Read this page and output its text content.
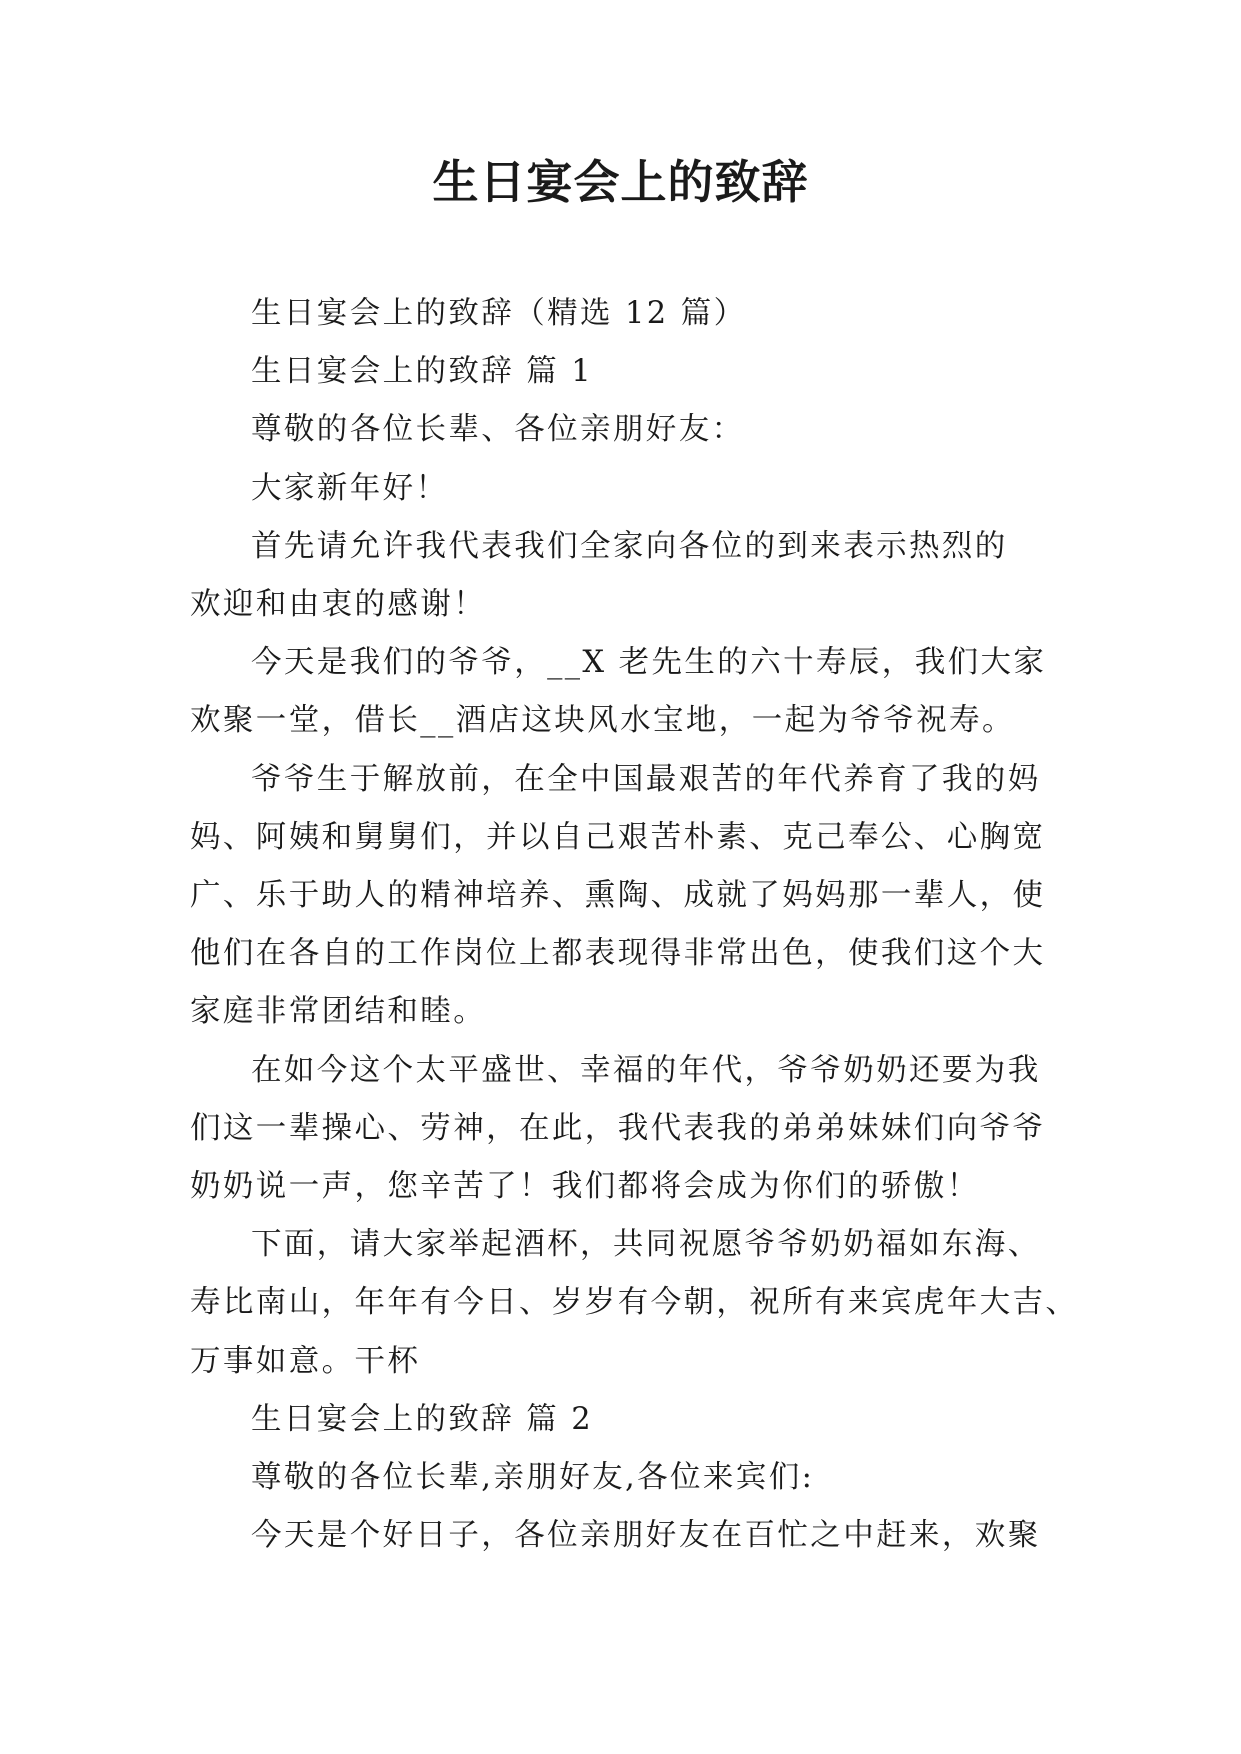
生日宴会上的致辞

生日宴会上的致辞（精选 12 篇）

生日宴会上的致辞 篇 1

尊敬的各位长辈、各位亲朋好友：

大家新年好！

首先请允许我代表我们全家向各位的到来表示热烈的

欢迎和由衷的感谢！

今天是我们的爷爷，__X 老先生的六十寿辰，我们大家

欢聚一堂，借长__酒店这块风水宝地，一起为爷爷祝寿。

爷爷生于解放前，在全中国最艰苦的年代养育了我的妈

妈、阿姨和舅舅们，并以自己艰苦朴素、克己奉公、心胸宽

广、乐于助人的精神培养、熏陶、成就了妈妈那一辈人，使

他们在各自的工作岗位上都表现得非常出色，使我们这个大

家庭非常团结和睦。

在如今这个太平盛世、幸福的年代，爷爷奶奶还要为我

们这一辈操心、劳神，在此，我代表我的弟弟妹妹们向爷爷

奶奶说一声，您辛苦了！我们都将会成为你们的骄傲！

下面，请大家举起酒杯，共同祝愿爷爷奶奶福如东海、

寿比南山，年年有今日、岁岁有今朝，祝所有来宾虎年大吉、

万事如意。干杯

生日宴会上的致辞 篇 2

尊敬的各位长辈,亲朋好友,各位来宾们:

今天是个好日子，各位亲朋好友在百忙之中赶来，欢聚
